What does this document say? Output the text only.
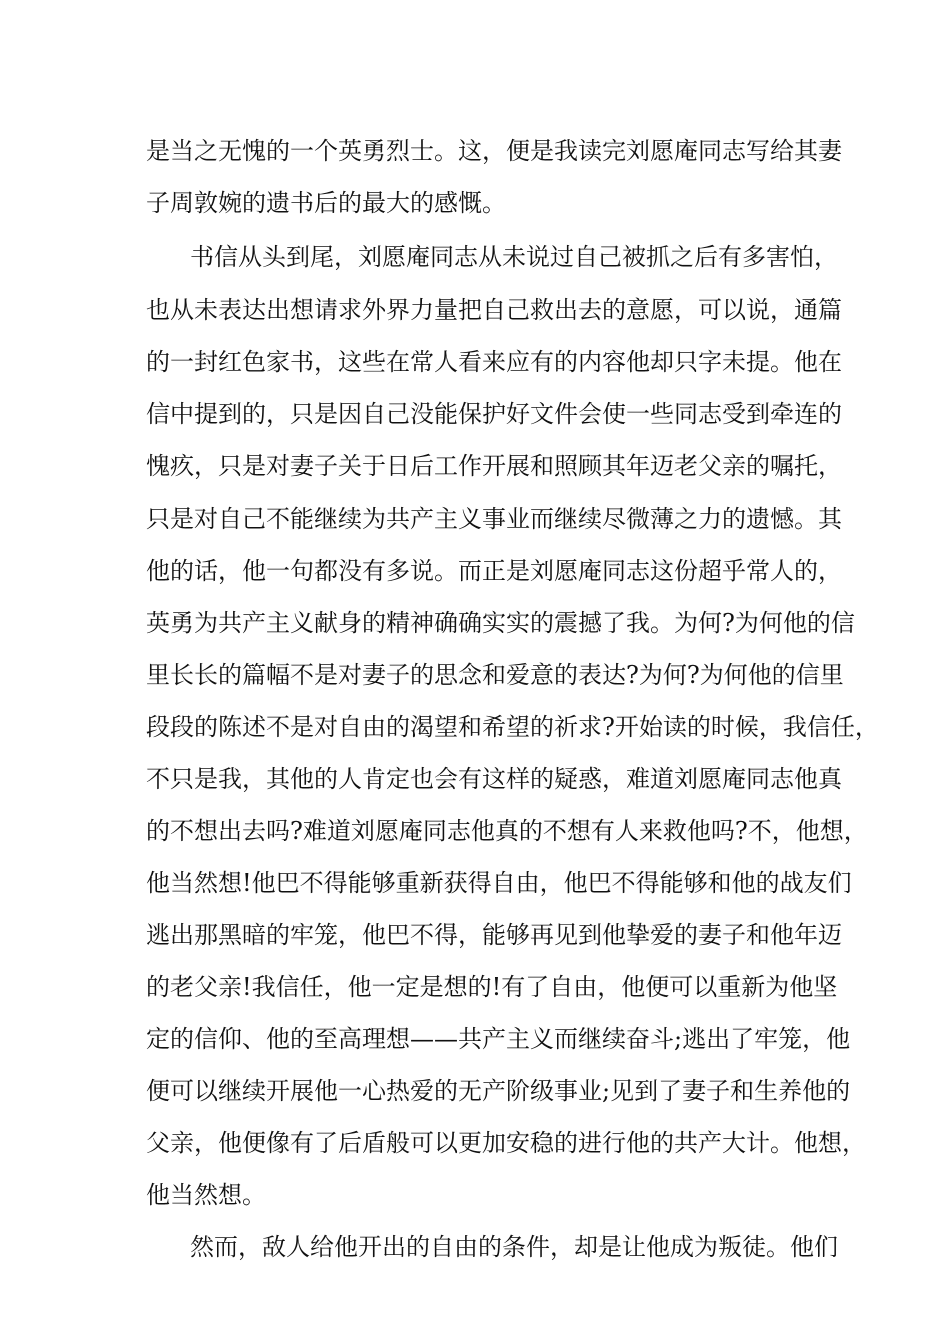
是当之无愧的一个英勇烈士。这，便是我读完刘愿庵同志写给其妻
子周敦婉的遗书后的最大的感慨。
书信从头到尾，刘愿庵同志从未说过自己被抓之后有多害怕，
也从未表达出想请求外界力量把自己救出去的意愿，可以说，通篇
的一封红色家书，这些在常人看来应有的内容他却只字未提。他在
信中提到的，只是因自己没能保护好文件会使一些同志受到牵连的
愧疚，只是对妻子关于日后工作开展和照顾其年迈老父亲的嘱托，
只是对自己不能继续为共产主义事业而继续尽微薄之力的遗憾。其
他的话，他一句都没有多说。而正是刘愿庵同志这份超乎常人的，
英勇为共产主义献身的精神确确实实的震撼了我。为何?为何他的信
里长长的篇幅不是对妻子的思念和爱意的表达?为何?为何他的信里
段段的陈述不是对自由的渴望和希望的祈求?开始读的时候，我信任，
不只是我，其他的人肯定也会有这样的疑惑，难道刘愿庵同志他真
的不想出去吗?难道刘愿庵同志他真的不想有人来救他吗?不，他想，
他当然想!他巴不得能够重新获得自由，他巴不得能够和他的战友们
逃出那黑暗的牢笼，他巴不得，能够再见到他挚爱的妻子和他年迈
的老父亲!我信任，他一定是想的!有了自由，他便可以重新为他坚
定的信仰、他的至高理想——共产主义而继续奋斗;逃出了牢笼，他
便可以继续开展他一心热爱的无产阶级事业;见到了妻子和生养他的
父亲，他便像有了后盾般可以更加安稳的进行他的共产大计。他想，
他当然想。
然而，敌人给他开出的自由的条件，却是让他成为叛徒。他们
